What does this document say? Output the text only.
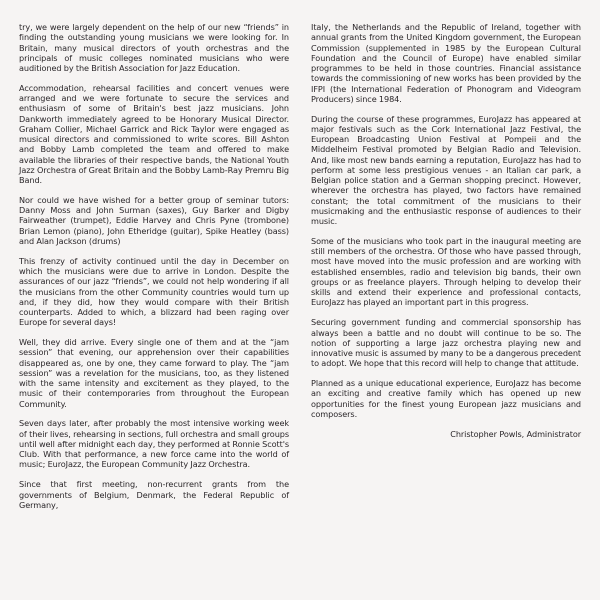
try, we were largely dependent on the help of our new “friends” in finding the outstanding young musicians we were looking for. In Britain, many musical directors of youth orchestras and the principals of music colleges nominated musicians who were auditioned by the British Association for Jazz Education.

Accommodation, rehearsal facilities and concert venues were arranged and we were fortunate to secure the services and enthusiasm of some of Britain's best jazz musicians. John Dankworth immediately agreed to be Honorary Musical Director. Graham Collier, Michael Garrick and Rick Taylor were engaged as musical directors and commissioned to write scores. Bill Ashton and Bobby Lamb completed the team and offered to make available the libraries of their respective bands, the National Youth Jazz Orchestra of Great Britain and the Bobby Lamb-Ray Premru Big Band.

Nor could we have wished for a better group of seminar tutors: Danny Moss and John Surman (saxes), Guy Barker and Digby Fairweather (trumpet), Eddie Harvey and Chris Pyne (trombone) Brian Lemon (piano), John Etheridge (guitar), Spike Heatley (bass) and Alan Jackson (drums)

This frenzy of activity continued until the day in December on which the musicians were due to arrive in London. Despite the assurances of our jazz “friends”, we could not help wondering if all the musicians from the other Community countries would turn up and, if they did, how they would compare with their British counterparts. Added to which, a blizzard had been raging over Europe for several days!

Well, they did arrive. Every single one of them and at the “jam session” that evening, our apprehension over their capabilities disappeared as, one by one, they came forward to play. The “jam session” was a revelation for the musicians, too, as they listened with the same intensity and excitement as they played, to the music of their contemporaries from throughout the European Community.

Seven days later, after probably the most intensive working week of their lives, rehearsing in sections, full orchestra and small groups until well after midnight each day, they performed at Ronnie Scott's Club. With that performance, a new force came into the world of music; EuroJazz, the European Community Jazz Orchestra.

Since that first meeting, non-recurrent grants from the governments of Belgium, Denmark, the Federal Republic of Germany,

Italy, the Netherlands and the Republic of Ireland, together with annual grants from the United Kingdom government, the European Commission (supplemented in 1985 by the European Cultural Foundation and the Council of Europe) have enabled similar programmes to be held in those countries. Financial assistance towards the commissioning of new works has been provided by the IFPI (the International Federation of Phonogram and Videogram Producers) since 1984.

During the course of these programmes, EuroJazz has appeared at major festivals such as the Cork International Jazz Festival, the European Broadcasting Union Festival at Pompeii and the Middelheim Festival promoted by Belgian Radio and Television. And, like most new bands earning a reputation, EuroJazz has had to perform at some less prestigious venues - an Italian car park, a Belgian police station and a German shopping precinct. However, wherever the orchestra has played, two factors have remained constant; the total commitment of the musicians to their musicmaking and the enthusiastic response of audiences to their music.

Some of the musicians who took part in the inaugural meeting are still members of the orchestra. Of those who have passed through, most have moved into the music profession and are working with established ensembles, radio and television big bands, their own groups or as freelance players. Through helping to develop their skills and extend their experience and professional contacts, EuroJazz has played an important part in this progress.

Securing government funding and commercial sponsorship has always been a battle and no doubt will continue to be so. The notion of supporting a large jazz orchestra playing new and innovative music is assumed by many to be a dangerous precedent to adopt. We hope that this record will help to change that attitude.

Planned as a unique educational experience, EuroJazz has become an exciting and creative family which has opened up new opportunities for the finest young European jazz musicians and composers.

Christopher Powls, Administrator
